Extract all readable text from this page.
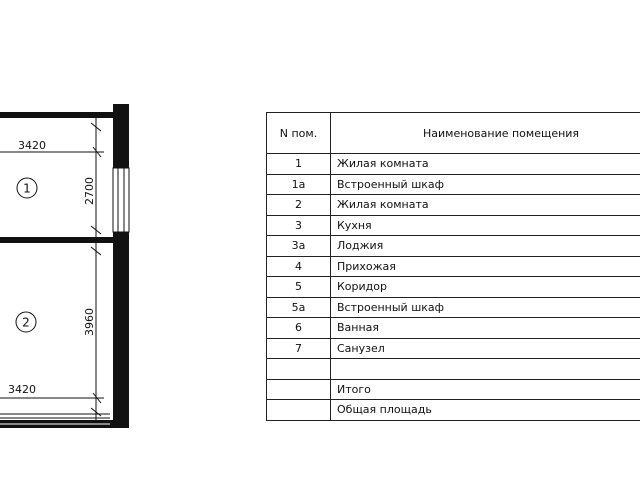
3420
2700
1
3960
3420
2
N пом.	Наименование помещения
1	Жилая комната
1a	Встроенный шкаф
2	Жилая комната
3	Кухня
3a	Лоджия
4	Прихожая
5	Коридор
5a	Встроенный шкаф
6	Ванная
7	Санузел

	Итого
	Общая площадь
